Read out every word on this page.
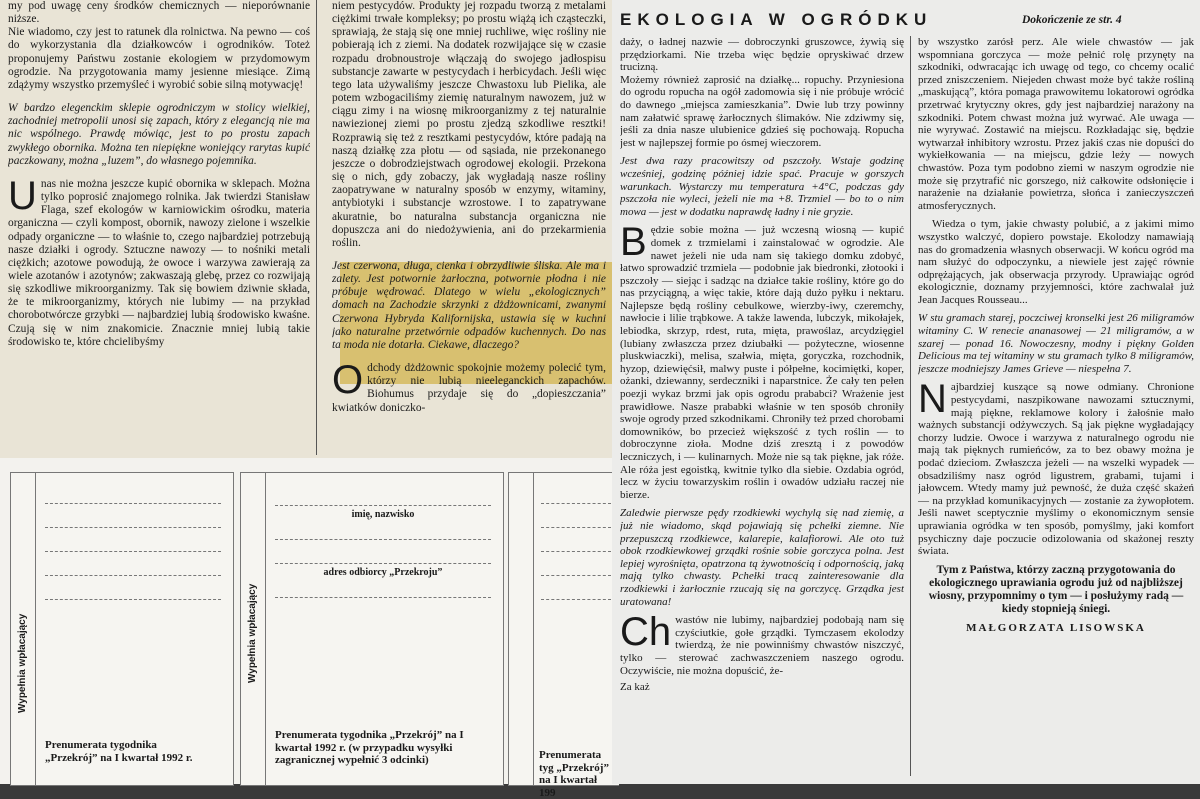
my pod uwagę ceny środków chemicznych — nieporównanie niższe.
Nie wiadomo, czy jest to ratunek dla rolnictwa. Na pewno — coś do wykorzystania dla działkowców i ogrodników. Toteż proponujemy Państwu zostanie ekologiem w przydomowym ogrodzie. Na przygotowania mamy jesienne miesiące. Zimą zdążymy wszystko przemyśleć i wyrobić sobie silną motywację!

W bardzo elegenckim sklepie ogrodniczym w stolicy wielkiej, zachodniej metropolii unosi się zapach, który z elegancją nie ma nic wspólnego. Prawdę mówiąc, jest to po prostu zapach zwykłego obornika. Można ten niepiękne woniejący rarytas kupić paczkowany, można „luzem”, do własnego pojemnika.

Unas nie można jeszcze kupić obornika w sklepach. Można tylko poprosić znajomego rolnika. Jak twierdzi Stanisław Flaga, szef ekologów w karniowickim ośrodku, materia organiczna — czyli kompost, obornik, nawozy zielone i wszelkie odpady organiczne — to właśnie to, czego najbardziej potrzebują nasze działki i ogrody. Sztuczne nawozy — to nośniki metali ciężkich; azotowe powodują, że owoce i warzywa zawierają za wiele azotanów i azotynów; zakwaszają glebę, przez co rozwijają się szkodliwe mikroorganizmy. Tak się bowiem dziwnie składa, że te mikroorganizmy, których nie lubimy — na przykład chorobotwórcze grzybki — najbardziej lubią środowisko kwaśne. Czują się w nim znakomicie. Znacznie mniej lubią takie środowisko te, które chcielibyśmy

niem pestycydów. Produkty jej rozpadu tworzą z metalami ciężkimi trwałe kompleksy; po prostu wiążą ich cząsteczki, sprawiają, że stają się one mniej ruchliwe, więc rośliny nie pobierają ich z ziemi. Na dodatek rozwijające się w czasie rozpadu drobnoustroje włączają do swojego jadłospisu substancje zawarte w pestycydach i herbicydach. Jeśli więc tego lata używaliśmy jeszcze Chwastoxu lub Pielika, ale potem wzbogaciliśmy ziemię naturalnym nawozem, już w ciągu zimy i na wiosnę mikroorganizmy z tej naturalnie nawiezionej ziemi po prostu zjedzą szkodliwe resztki! Rozprawią się też z resztkami pestycydów, które padają na naszą działkę zza płotu — od sąsiada, nie przekonanego jeszcze o dobrodziejstwach ogrodowej ekologii. Przekona się o nich, gdy zobaczy, jak wygładają nasze rośliny zaopatrywane w naturalny sposób w enzymy, witaminy, antybiotyki i substancje wzrostowe. I to zapatrywane akuratnie, bo naturalna substancja organiczna nie dopuszcza ani do niedożywienia, ani do przekarmienia roślin.

Jest czerwona, długa, cienka i obrzydliwie śliska. Ale ma i zalety. Jest potwornie żarłoczna, potwornie płodna i nie próbuje wędrować. Dlatego w wielu „ekologicznych” domach na Zachodzie skrzynki z dżdżownicami, zwanymi Czerwona Hybryda Kalifornijska, ustawia się w kuchni jako naturalne przetwórnie odpadów kuchennych. Do nas ta moda nie dotarła. Ciekawe, dlaczego?

Odchody dżdżownic spokojnie możemy polecić tym, którzy nie lubią nieeleganckich zapachów. Biohumus przydaje się do „dopieszczania” kwiatków doniczko-

Wypełnia wpłacający
Prenumerata tygodnika „Przekrój” na I kwartał 1992 r.
Wypełnia wpłacający
imię, nazwisko
adres odbiorcy „Przekroju”
Prenumerata tygodnika „Przekrój” na I kwartał 1992 r. (w przypadku wysyłki zagranicznej wypełnić 3 odcinki)	Prenumerata tyg „Przekrój” na I kwartał 199
EKOLOGIA W OGRÓDKU	Dokończenie ze str. 4

daży, o ładnej nazwie — dobroczynki gruszowce, żywią się przędziorkami. Nie trzeba więc będzie opryskiwać drzew trucizną.
Możemy również zaprosić na działkę... ropuchy. Przyniesiona do ogrodu ropucha na ogół zadomowia się i nie próbuje wrócić do dawnego „miejsca zamieszkania”. Dwie lub trzy powinny nam załatwić sprawę żarłocznych ślimaków. Nie zdziwmy się, jeśli za dnia nasze ulubienice gdzieś się pochowają. Ropucha jest w najlepszej formie po ósmej wieczorem.

Jest dwa razy pracowitszy od pszczoły. Wstaje godzinę wcześniej, godzinę później idzie spać. Pracuje w gorszych warunkach. Wystarczy mu temperatura +4°C, podczas gdy pszczoła nie wyleci, jeżeli nie ma +8. Trzmiel — bo to o nim mowa — jest w dodatku naprawdę ładny i nie gryzie.

Będzie sobie można — już wczesną wiosną — kupić domek z trzmielami i zainstalować w ogrodzie. Ale nawet jeżeli nie uda nam się takiego domku zdobyć, łatwo sprowadzić trzmiela — podobnie jak biedronki, złotooki i pszczoły — siejąc i sadząc na działce takie rośliny, które go do nas przyciągną, a więc takie, które dają dużo pyłku i nektaru. Najlepsze będą rośliny cebulkowe, wierzby-iwy, czeremchy, nawłocie i lilie trąbkowe. A także lawenda, lubczyk, mikołajek, lebiodka, skrzyp, rdest, ruta, mięta, prawoślaz, arcydzięgiel (lubiany zwłaszcza przez dziubałki — pożyteczne, wiosenne pluskwiaczki), melisa, szałwia, mięta, goryczka, rozchodnik, hyzop, dziewięćsił, malwy puste i półpełne, kocimiętki, koper, ożanki, dziewanny, serdeczniki i naparstnice. Że cały ten pełen poezji wykaz brzmi jak opis ogrodu prababci? Wrażenie jest prawidłowe. Nasze prababki właśnie w ten sposób chroniły swoje ogrody przed szkodnikami. Chroniły też przed chorobami domowników, bo przecież większość z tych roślin — to dobroczynne zioła. Modne dziś zresztą i z powodów leczniczych, i — kulinarnych. Może nie są tak piękne, jak róże. Ale róża jest egoistką, kwitnie tylko dla siebie. Ozdabia ogród, lecz w życiu towarzyskim roślin i owadów udziału raczej nie bierze.

Zaledwie pierwsze pędy rzodkiewki wychylą się nad ziemię, a już nie wiadomo, skąd pojawiają się pchełki ziemne. Nie przepuszczą rzodkiewce, kalarepie, kalafiorowi. Ale oto tuż obok rzodkiewkowej grządki rośnie sobie gorczyca polna. Jest lepiej wyrośnięta, opatrzona tą żywotnością i odpornością, jaką mają tylko chwasty. Pchełki tracą zainteresowanie dla rzodkiewki i żarłocznie rzucają się na gorczycę. Grządka jest uratowana!

Ch wastów nie lubimy, najbardziej podobają nam się czyściutkie, gołe grządki. Tymczasem ekolodzy twierdzą, że nie powinniśmy chwastów niszczyć, tylko — sterować zachwaszczeniem naszego ogrodu. Oczywiście, nie można dopuścić, że-

Za każ

by wszystko zarósł perz. Ale wiele chwastów — jak wspomniana gorczyca — może pełnić rolę przynęty na szkodniki, odwracając ich uwagę od tego, co chcemy ocalić przed zniszczeniem. Niejeden chwast może być także rośliną „maskującą”, która pomaga prawowitemu lokatorowi ogródka przetrwać krytyczny okres, gdy jest najbardziej narażony na szkodniki. Potem chwast można już wyrwać. Ale uwaga — nie wyrywać. Zostawić na miejscu. Rozkładając się, będzie wytwarzał inhibitory wzrostu. Przez jakiś czas nie dopuści do wykiełkowania — na miejscu, gdzie leży — nowych chwastów. Poza tym podobno ziemi w naszym ogrodzie nie może się przytrafić nic gorszego, niż całkowite odsłonięcie i narażenie na działanie powietrza, słońca i zanieczyszczeń atmosferycznych.

Wiedza o tym, jakie chwasty polubić, a z jakimi mimo wszystko walczyć, dopiero powstaje. Ekolodzy namawiają nas do gromadzenia własnych obserwacji. W końcu ogród ma nam służyć do odpoczynku, a niewiele jest zajęć równie odprężających, jak obserwacja przyrody. Uprawiając ogród ekologicznie, doznamy przyjemności, które zachwalał już Jean Jacques Rousseau...

W stu gramach starej, poczciwej kronselki jest 26 miligramów witaminy C. W renecie ananasowej — 21 miligramów, a w szarej — ponad 16. Nowoczesny, modny i piękny Golden Delicious ma tej witaminy w stu gramach tylko 8 miligramów, jeszcze modniejszy James Grieve — niespełna 7.

Najbardziej kuszące są nowe odmiany. Chronione pestycydami, naszpikowane nawozami sztucznymi, mają piękne, reklamowe kolory i żałośnie mało ważnych substancji odżywczych. Są jak piękne wygładający chorzy ludzie. Owoce i warzywa z naturalnego ogrodu nie mają tak pięknych rumieńców, za to bez obawy można je podać dzieciom. Zwłaszcza jeżeli — na wszelki wypadek — obsadziliśmy nasz ogród ligustrem, grabami, tujami i jałowcem. Wtedy mamy już pewność, że duża część skażeń — na przykład komunikacyjnych — zostanie za żywopłotem. Jeśli nawet sceptycznie myślimy o ekonomicznym sensie uprawiania ogródka w ten sposób, pomyślmy, jaki komfort psychiczny daje poczucie odizolowania od skażonej reszty świata.

Tym z Państwa, którzy zaczną przygotowania do ekologicznego uprawiania ogrodu już od najbliższej wiosny, przypomnimy o tym — i posłużymy radą — kiedy stopnieją śniegi.

MAŁGORZATA LISOWSKA
